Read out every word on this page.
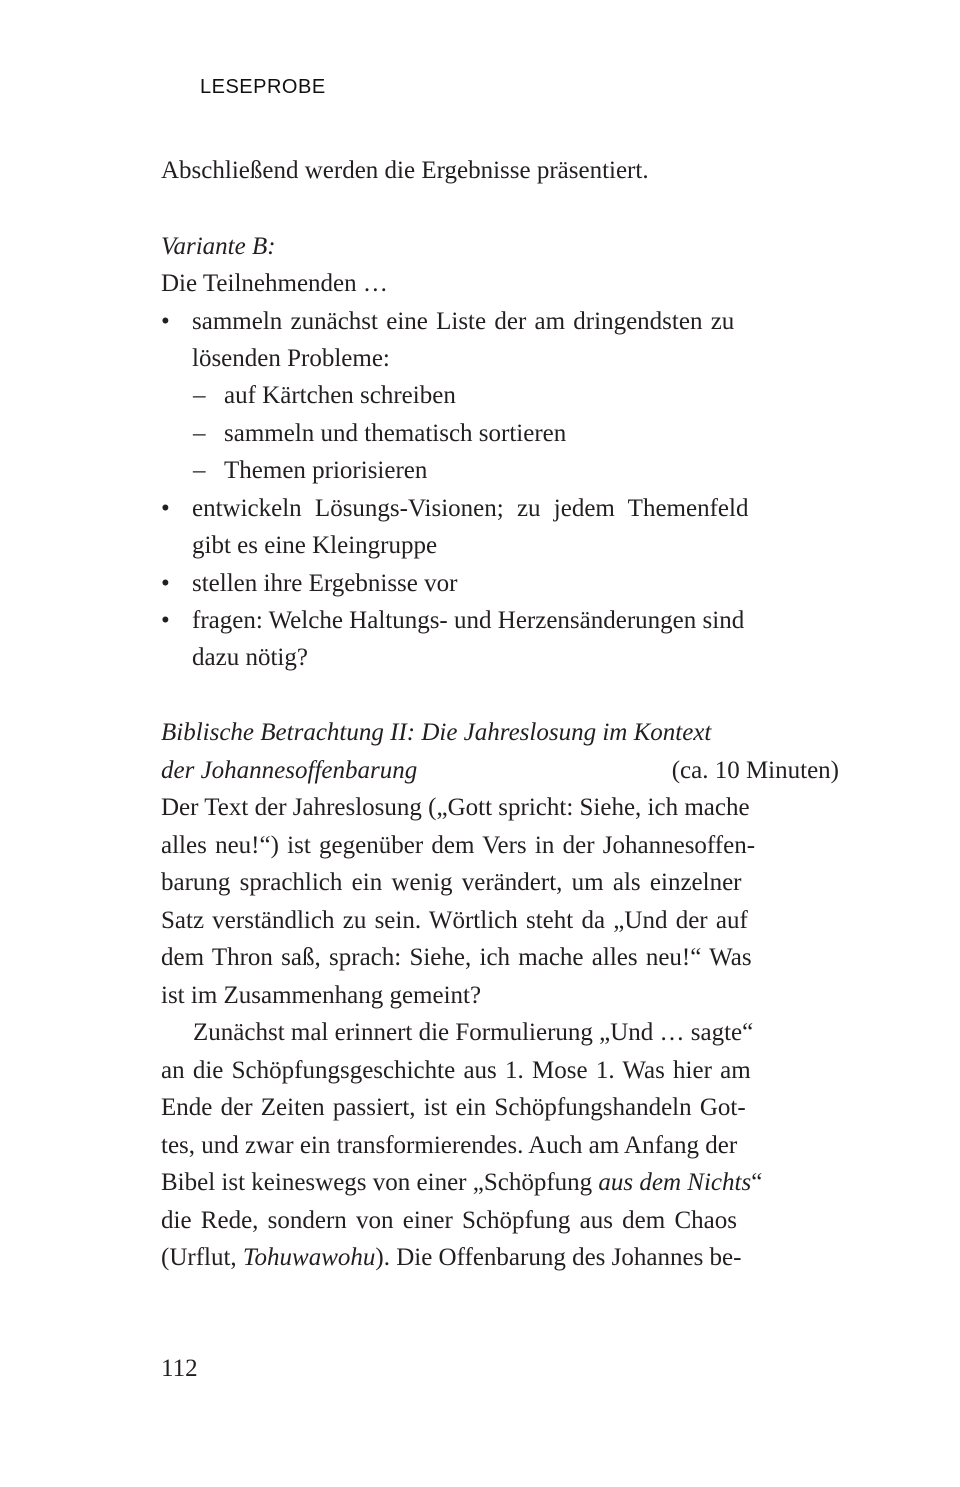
LESEPROBE
Abschließend werden die Ergebnisse präsentiert.
Variante B:
Die Teilnehmenden …
• sammeln zunächst eine Liste der am dringendsten zu
lösenden Probleme:
– auf Kärtchen schreiben
– sammeln und thematisch sortieren
– Themen priorisieren
• entwickeln Lösungs-Visionen; zu jedem Themenfeld
gibt es eine Kleingruppe
• stellen ihre Ergebnisse vor
• fragen: Welche Haltungs- und Herzensänderungen sind
dazu nötig?
Biblische Betrachtung II: Die Jahreslosung im Kontext
der Johannesoffenbarung	(ca. 10 Minuten)
Der Text der Jahreslosung („Gott spricht: Siehe, ich mache
alles neu!“) ist gegenüber dem Vers in der Johannesoffen-
barung sprachlich ein wenig verändert, um als einzelner
Satz verständlich zu sein. Wörtlich steht da „Und der auf
dem Thron saß, sprach: Siehe, ich mache alles neu!“ Was
ist im Zusammenhang gemeint?
Zunächst mal erinnert die Formulierung „Und … sagte“
an die Schöpfungsgeschichte aus 1. Mose 1. Was hier am
Ende der Zeiten passiert, ist ein Schöpfungshandeln Got-
tes, und zwar ein transformierendes. Auch am Anfang der
Bibel ist keineswegs von einer „Schöpfung aus dem Nichts“
die Rede, sondern von einer Schöpfung aus dem Chaos
(Urflut, Tohuwawohu). Die Offenbarung des Johannes be-
112
